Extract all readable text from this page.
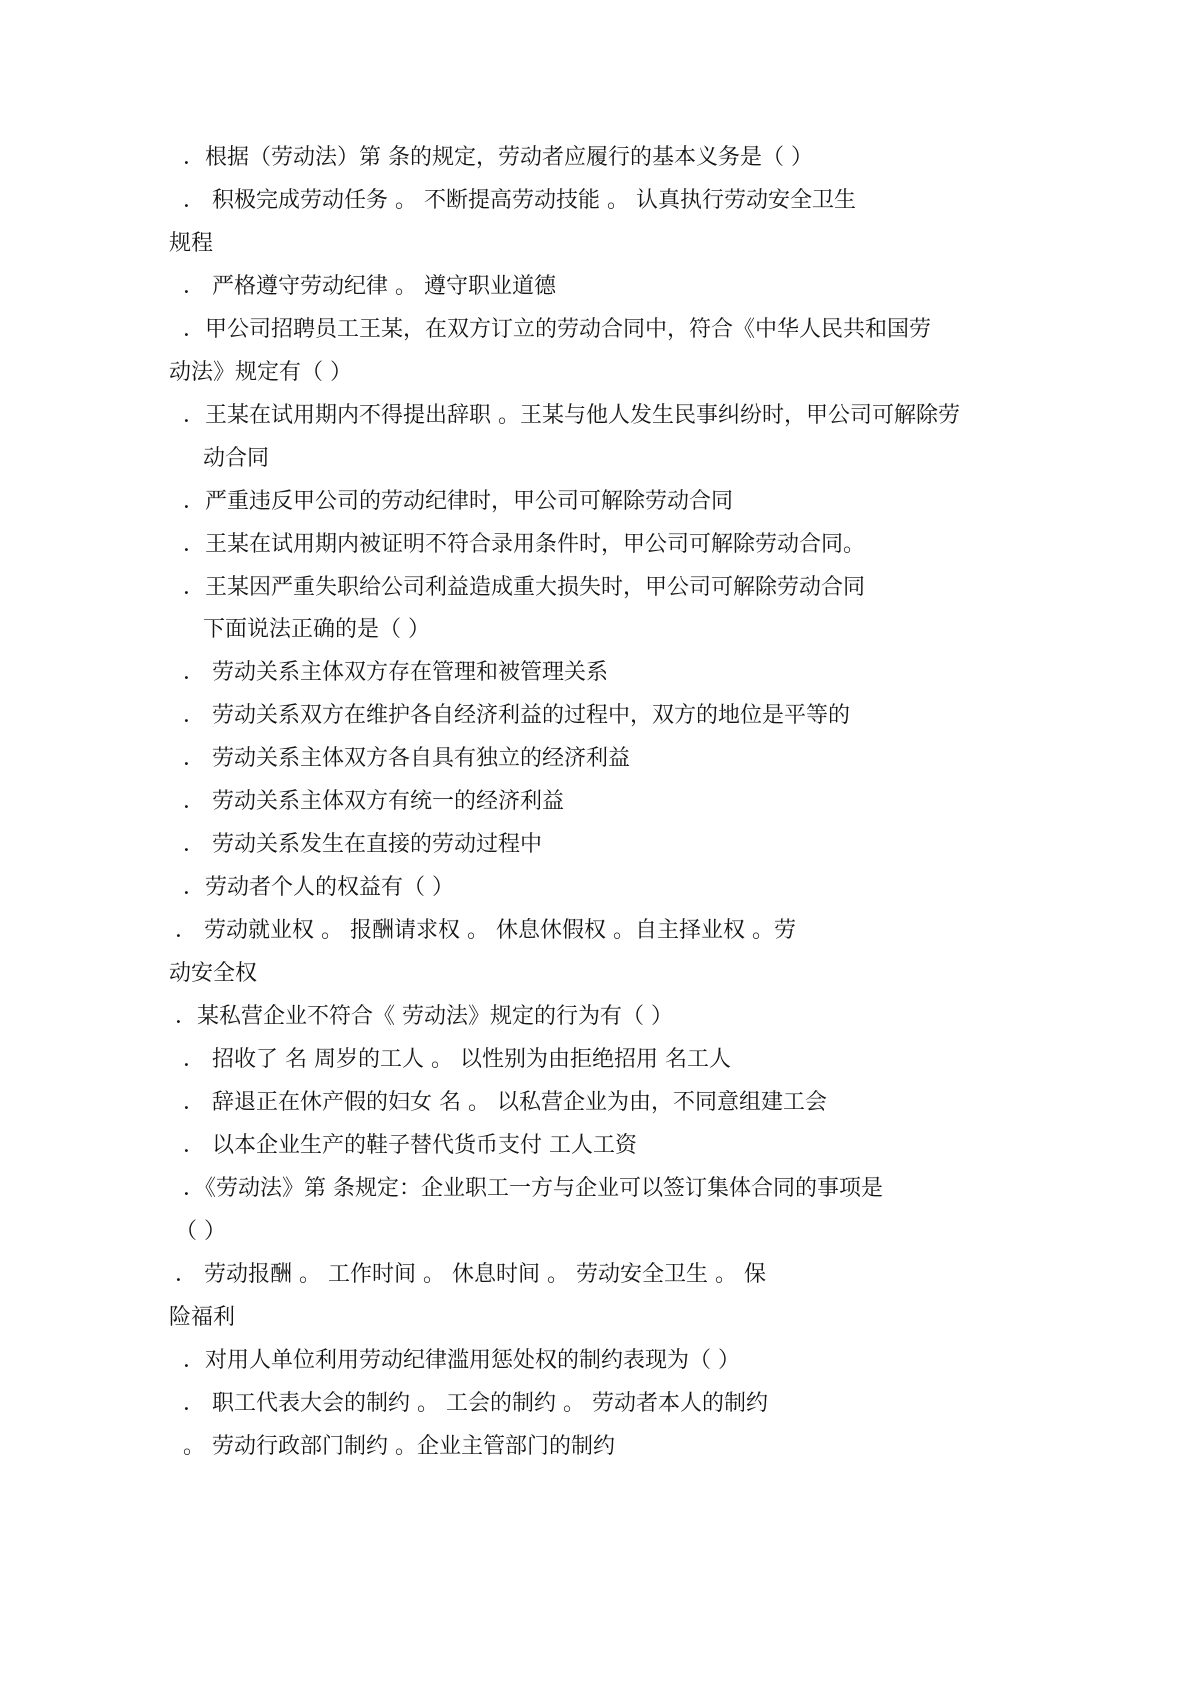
．根据（劳动法）第 条的规定，劳动者应履行的基本义务是（ ）
． 积极完成劳动任务 。 不断提高劳动技能 。 认真执行劳动安全卫生
规程
． 严格遵守劳动纪律 。 遵守职业道德
．甲公司招聘员工王某，在双方订立的劳动合同中，符合《中华人民共和国劳
动法》规定有（ ）
．王某在试用期内不得提出辞职 。王某与他人发生民事纠纷时，甲公司可解除劳
动合同
．严重违反甲公司的劳动纪律时，甲公司可解除劳动合同
．王某在试用期内被证明不符合录用条件时，甲公司可解除劳动合同。
．王某因严重失职给公司利益造成重大损失时，甲公司可解除劳动合同
下面说法正确的是（ ）
． 劳动关系主体双方存在管理和被管理关系
． 劳动关系双方在维护各自经济利益的过程中，双方的地位是平等的
． 劳动关系主体双方各自具有独立的经济利益
． 劳动关系主体双方有统一的经济利益
． 劳动关系发生在直接的劳动过程中
．劳动者个人的权益有（ ）
． 劳动就业权 。 报酬请求权 。 休息休假权 。自主择业权 。劳
动安全权
．某私营企业不符合《 劳动法》规定的行为有（ ）
． 招收了 名 周岁的工人 。 以性别为由拒绝招用 名工人
． 辞退正在休产假的妇女 名 。 以私营企业为由，不同意组建工会
． 以本企业生产的鞋子替代货币支付 工人工资
．《劳动法》第 条规定：企业职工一方与企业可以签订集体合同的事项是
（ ）
． 劳动报酬 。 工作时间 。 休息时间 。 劳动安全卫生 。 保
险福利
．对用人单位利用劳动纪律滥用惩处权的制约表现为（ ）
． 职工代表大会的制约 。 工会的制约 。 劳动者本人的制约
。 劳动行政部门制约 。企业主管部门的制约
